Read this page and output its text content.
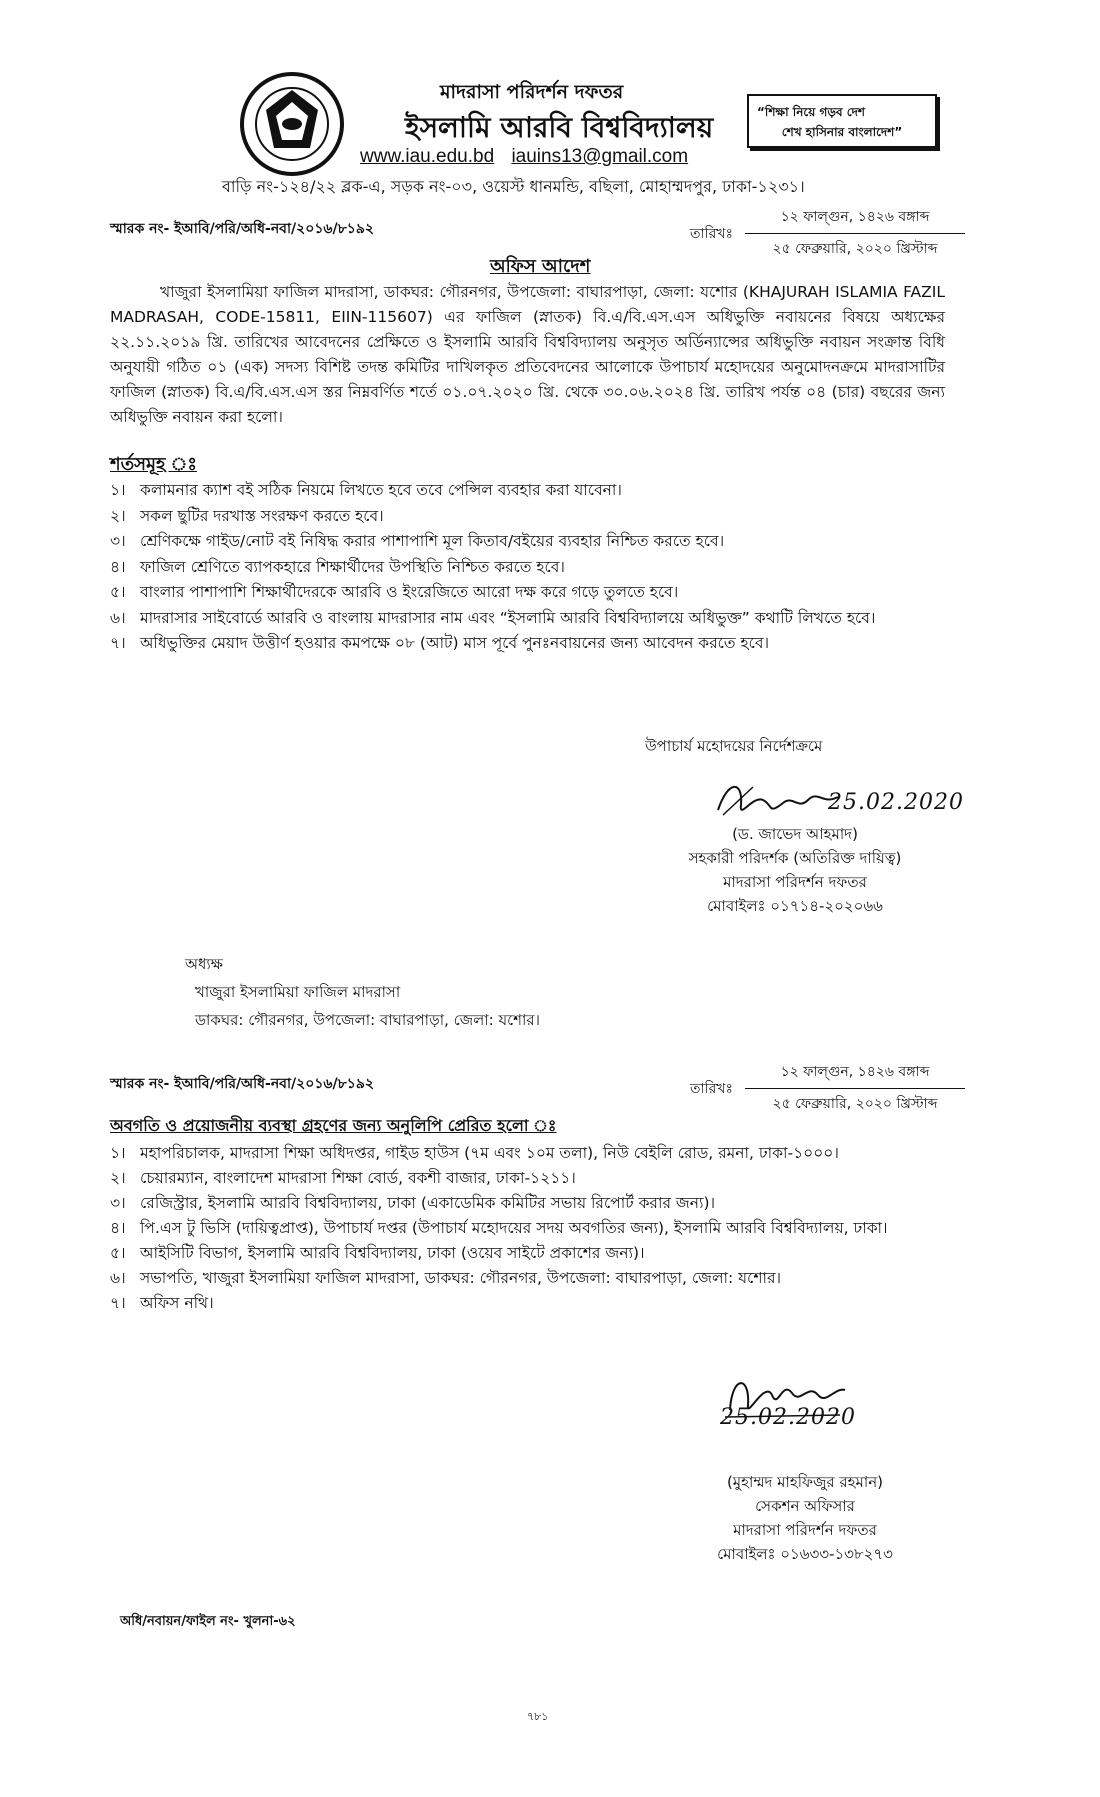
মাদরাসা পরিদর্শন দফতর
ইসলামি আরবি বিশ্ববিদ্যালয়
www.iau.edu.bd iauins13@gmail.com
বাড়ি নং-১২৪/২২ ব্লক-এ, সড়ক নং-০৩, ওয়েস্ট ধানমন্ডি, বছিলা, মোহাম্মদপুর, ঢাকা-১২৩১।
“শিক্ষা নিয়ে গড়ব দেশ
শেখ হাসিনার বাংলাদেশ”
স্মারক নং- ইআবি/পরি/অধি-নবা/২০১৬/৮১৯২	তারিখঃ
১২ ফাল্গুন, ১৪২৬ বঙ্গাব্দ
২৫ ফেব্রুয়ারি, ২০২০ খ্রিস্টাব্দ
অফিস আদেশ
খাজুরা ইসলামিয়া ফাজিল মাদরাসা, ডাকঘর: গৌরনগর, উপজেলা: বাঘারপাড়া, জেলা: যশোর (KHAJURAH ISLAMIA FAZIL MADRASAH, CODE-15811, EIIN-115607) এর ফাজিল (স্নাতক) বি.এ/বি.এস.এস অধিভুক্তি নবায়নের বিষয়ে অধ্যক্ষের ২২.১১.২০১৯ খ্রি. তারিখের আবেদনের প্রেক্ষিতে ও ইসলামি আরবি বিশ্ববিদ্যালয় অনুসৃত অর্ডিন্যান্সের অধিভুক্তি নবায়ন সংক্রান্ত বিধি অনুযায়ী গঠিত ০১ (এক) সদস্য বিশিষ্ট তদন্ত কমিটির দাখিলকৃত প্রতিবেদনের আলোকে উপাচার্য মহোদয়ের অনুমোদনক্রমে মাদরাসাটির ফাজিল (স্নাতক) বি.এ/বি.এস.এস স্তর নিম্নবর্ণিত শর্তে ০১.০৭.২০২০ খ্রি. থেকে ৩০.০৬.২০২৪ খ্রি. তারিখ পর্যন্ত ০৪ (চার) বছরের জন্য অধিভুক্তি নবায়ন করা হলো।
শর্তসমূহ ঃ
১। কলামনার ক্যাশ বই সঠিক নিয়মে লিখতে হবে তবে পেন্সিল ব্যবহার করা যাবেনা।
২। সকল ছুটির দরখাস্ত সংরক্ষণ করতে হবে।
৩। শ্রেণিকক্ষে গাইড/নোট বই নিষিদ্ধ করার পাশাপাশি মূল কিতাব/বইয়ের ব্যবহার নিশ্চিত করতে হবে।
৪। ফাজিল শ্রেণিতে ব্যাপকহারে শিক্ষার্থীদের উপস্থিতি নিশ্চিত করতে হবে।
৫। বাংলার পাশাপাশি শিক্ষার্থীদেরকে আরবি ও ইংরেজিতে আরো দক্ষ করে গড়ে তুলতে হবে।
৬। মাদরাসার সাইবোর্ডে আরবি ও বাংলায় মাদরাসার নাম এবং “ইসলামি আরবি বিশ্ববিদ্যালয়ে অধিভুক্ত” কথাটি লিখতে হবে।
৭। অধিভুক্তির মেয়াদ উত্তীর্ণ হওয়ার কমপক্ষে ০৮ (আট) মাস পূর্বে পুনঃনবায়নের জন্য আবেদন করতে হবে।
উপাচার্য মহোদয়ের নির্দেশক্রমে
25.02.2020
(ড. জাভেদ আহমাদ)
সহকারী পরিদর্শক (অতিরিক্ত দায়িত্ব)
মাদরাসা পরিদর্শন দফতর
মোবাইলঃ ০১৭১৪-২০২০৬৬
অধ্যক্ষ
খাজুরা ইসলামিয়া ফাজিল মাদরাসা
ডাকঘর: গৌরনগর, উপজেলা: বাঘারপাড়া, জেলা: যশোর।
স্মারক নং- ইআবি/পরি/অধি-নবা/২০১৬/৮১৯২	তারিখঃ
১২ ফাল্গুন, ১৪২৬ বঙ্গাব্দ
২৫ ফেব্রুয়ারি, ২০২০ খ্রিস্টাব্দ
অবগতি ও প্রয়োজনীয় ব্যবস্থা গ্রহণের জন্য অনুলিপি প্রেরিত হলো ঃ
১। মহাপরিচালক, মাদরাসা শিক্ষা অধিদপ্তর, গাইড হাউস (৭ম এবং ১০ম তলা), নিউ বেইলি রোড, রমনা, ঢাকা-১০০০।
২। চেয়ারম্যান, বাংলাদেশ মাদরাসা শিক্ষা বোর্ড, বকশী বাজার, ঢাকা-১২১১।
৩। রেজিস্ট্রার, ইসলামি আরবি বিশ্ববিদ্যালয়, ঢাকা (একাডেমিক কমিটির সভায় রিপোর্ট করার জন্য)।
৪। পি.এস টু ভিসি (দায়িত্বপ্রাপ্ত), উপাচার্য দপ্তর (উপাচার্য মহোদয়ের সদয় অবগতির জন্য), ইসলামি আরবি বিশ্ববিদ্যালয়, ঢাকা।
৫। আইসিটি বিভাগ, ইসলামি আরবি বিশ্ববিদ্যালয়, ঢাকা (ওয়েব সাইটে প্রকাশের জন্য)।
৬। সভাপতি, খাজুরা ইসলামিয়া ফাজিল মাদরাসা, ডাকঘর: গৌরনগর, উপজেলা: বাঘারপাড়া, জেলা: যশোর।
৭। অফিস নথি।
25.02.2020
(মুহাম্মদ মাহফিজুর রহমান)
সেকশন অফিসার
মাদরাসা পরিদর্শন দফতর
মোবাইলঃ ০১৬৩৩-১৩৮২৭৩
অধি/নবায়ন/ফাইল নং- খুলনা-৬২
৭৮১
